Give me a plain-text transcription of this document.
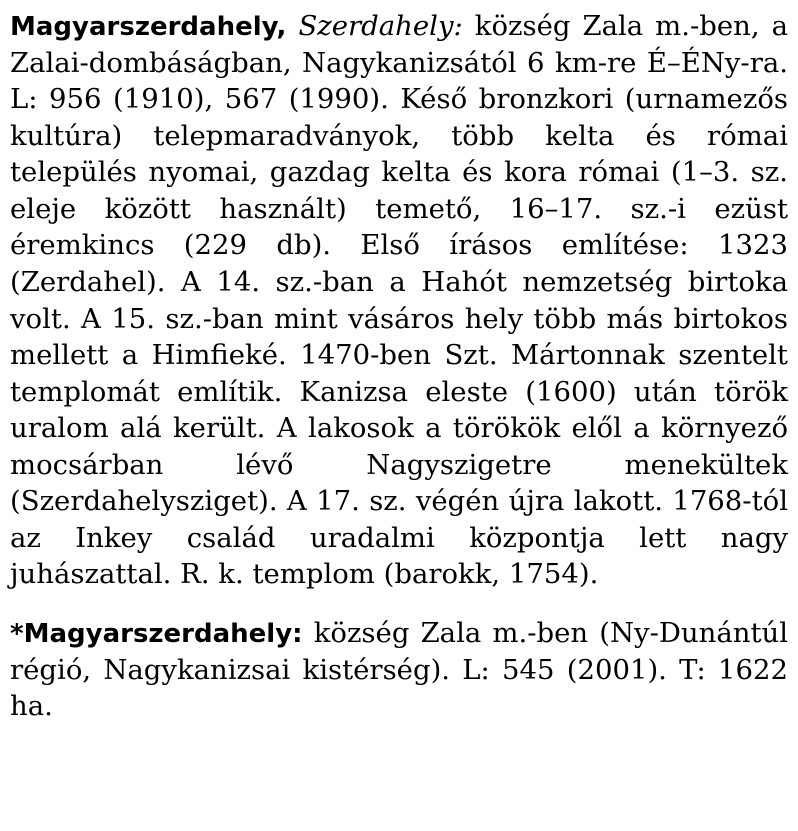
Magyarszerdahely, Szerdahely: község Zala m.-ben, a Zalai-dombáságban, Nagykanizsától 6 km-re É–ÉNy-ra. L: 956 (1910), 567 (1990). Késő bronzkori (urnamezős kultúra) telepmaradványok, több kelta és római település nyomai, gazdag kelta és kora római (1–3. sz. eleje között használt) temető, 16–17. sz.-i ezüst éremkincs (229 db). Első írásos említése: 1323 (Zerdahel). A 14. sz.-ban a Hahót nemzetség birtoka volt. A 15. sz.-ban mint vásáros hely több más birtokos mellett a Himfieké. 1470-ben Szt. Mártonnak szentelt templomát említik. Kanizsa eleste (1600) után török uralom alá került. A lakosok a törökök elől a környező mocsárban lévő Nagyszigetre menekültek (Szerdahelysziget). A 17. sz. végén újra lakott. 1768-tól az Inkey család uradalmi központja lett nagy juhászattal. R. k. templom (barokk, 1754).

*Magyarszerdahely: község Zala m.-ben (Ny-Dunántúl régió, Nagykanizsai kistérség). L: 545 (2001). T: 1622 ha.
